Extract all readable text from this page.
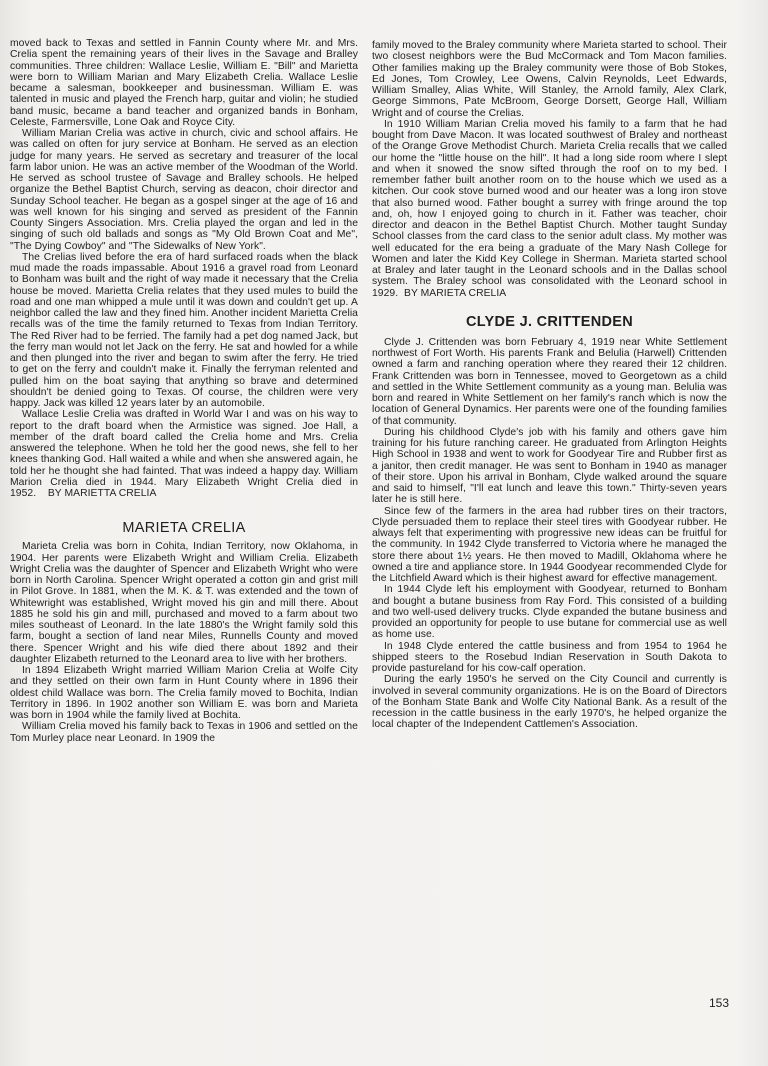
moved back to Texas and settled in Fannin County where Mr. and Mrs. Crelia spent the remaining years of their lives in the Savage and Bralley communities. Three children: Wallace Leslie, William E. "Bill" and Marietta were born to William Marian and Mary Elizabeth Crelia. Wallace Leslie became a salesman, bookkeeper and businessman. William E. was talented in music and played the French harp, guitar and violin; he studied band music, became a band teacher and organized bands in Bonham, Celeste, Farmersville, Lone Oak and Royce City.

William Marian Crelia was active in church, civic and school affairs. He was called on often for jury service at Bonham. He served as an election judge for many years. He served as secretary and treasurer of the local farm labor union. He was an active member of the Woodman of the World. He served as school trustee of Savage and Bralley schools. He helped organize the Bethel Baptist Church, serving as deacon, choir director and Sunday School teacher. He began as a gospel singer at the age of 16 and was well known for his singing and served as president of the Fannin County Singers Association. Mrs. Crelia played the organ and led in the singing of such old ballads and songs as "My Old Brown Coat and Me", "The Dying Cowboy" and "The Sidewalks of New York".

The Crelias lived before the era of hard surfaced roads when the black mud made the roads impassable. About 1916 a gravel road from Leonard to Bonham was built and the right of way made it necessary that the Crelia house be moved. Marietta Crelia relates that they used mules to build the road and one man whipped a mule until it was down and couldn't get up. A neighbor called the law and they fined him. Another incident Marietta Crelia recalls was of the time the family returned to Texas from Indian Territory. The Red River had to be ferried. The family had a pet dog named Jack, but the ferry man would not let Jack on the ferry. He sat and howled for a while and then plunged into the river and began to swim after the ferry. He tried to get on the ferry and couldn't make it. Finally the ferryman relented and pulled him on the boat saying that anything so brave and determined shouldn't be denied going to Texas. Of course, the children were very happy. Jack was killed 12 years later by an automobile.

Wallace Leslie Crelia was drafted in World War I and was on his way to report to the draft board when the Armistice was signed. Joe Hall, a member of the draft board called the Crelia home and Mrs. Crelia answered the telephone. When he told her the good news, she fell to her knees thanking God. Hall waited a while and when she answered again, he told her he thought she had fainted. That was indeed a happy day. William Marion Crelia died in 1944. Mary Elizabeth Wright Crelia died in 1952. BY MARIETTA CRELIA

MARIETA CRELIA

Marieta Crelia was born in Cohita, Indian Territory, now Oklahoma, in 1904. Her parents were Elizabeth Wright and William Crelia. Elizabeth Wright Crelia was the daughter of Spencer and Elizabeth Wright who were born in North Carolina. Spencer Wright operated a cotton gin and grist mill in Pilot Grove. In 1881, when the M. K. & T. was extended and the town of Whitewright was established, Wright moved his gin and mill there. About 1885 he sold his gin and mill, purchased and moved to a farm about two miles southeast of Leonard. In the late 1880's the Wright family sold this farm, bought a section of land near Miles, Runnells County and moved there. Spencer Wright and his wife died there about 1892 and their daughter Elizabeth returned to the Leonard area to live with her brothers.

In 1894 Elizabeth Wright married William Marion Crelia at Wolfe City and they settled on their own farm in Hunt County where in 1896 their oldest child Wallace was born. The Crelia family moved to Bochita, Indian Territory in 1896. In 1902 another son William E. was born and Marieta was born in 1904 while the family lived at Bochita.

William Crelia moved his family back to Texas in 1906 and settled on the Tom Murley place near Leonard. In 1909 the

family moved to the Braley community where Marieta started to school. Their two closest neighbors were the Bud McCormack and Tom Macon families. Other families making up the Braley community were those of Bob Stokes, Ed Jones, Tom Crowley, Lee Owens, Calvin Reynolds, Leet Edwards, William Smalley, Alias White, Will Stanley, the Arnold family, Alex Clark, George Simmons, Pate McBroom, George Dorsett, George Hall, William Wright and of course the Crelias.

In 1910 William Marian Crelia moved his family to a farm that he had bought from Dave Macon. It was located southwest of Braley and northeast of the Orange Grove Methodist Church. Marieta Crelia recalls that we called our home the "little house on the hill". It had a long side room where I slept and when it snowed the snow sifted through the roof on to my bed. I remember father built another room on to the house which we used as a kitchen. Our cook stove burned wood and our heater was a long iron stove that also burned wood. Father bought a surrey with fringe around the top and, oh, how I enjoyed going to church in it. Father was teacher, choir director and deacon in the Bethel Baptist Church. Mother taught Sunday School classes from the card class to the senior adult class. My mother was well educated for the era being a graduate of the Mary Nash College for Women and later the Kidd Key College in Sherman. Marieta started school at Braley and later taught in the Leonard schools and in the Dallas school system. The Braley school was consolidated with the Leonard school in 1929. BY MARIETA CRELIA

CLYDE J. CRITTENDEN

Clyde J. Crittenden was born February 4, 1919 near White Settlement northwest of Fort Worth. His parents Frank and Belulia (Harwell) Crittenden owned a farm and ranching operation where they reared their 12 children. Frank Crittenden was born in Tennessee, moved to Georgetown as a child and settled in the White Settlement community as a young man. Belulia was born and reared in White Settlement on her family's ranch which is now the location of General Dynamics. Her parents were one of the founding families of that community.

During his childhood Clyde's job with his family and others gave him training for his future ranching career. He graduated from Arlington Heights High School in 1938 and went to work for Goodyear Tire and Rubber first as a janitor, then credit manager. He was sent to Bonham in 1940 as manager of their store. Upon his arrival in Bonham, Clyde walked around the square and said to himself, "I'll eat lunch and leave this town." Thirty-seven years later he is still here.

Since few of the farmers in the area had rubber tires on their tractors, Clyde persuaded them to replace their steel tires with Goodyear rubber. He always felt that experimenting with progressive new ideas can be fruitful for the community. In 1942 Clyde transferred to Victoria where he managed the store there about 1½ years. He then moved to Madill, Oklahoma where he owned a tire and appliance store. In 1944 Goodyear recommended Clyde for the Litchfield Award which is their highest award for effective management.

In 1944 Clyde left his employment with Goodyear, returned to Bonham and bought a butane business from Ray Ford. This consisted of a building and two well-used delivery trucks. Clyde expanded the butane business and provided an opportunity for people to use butane for commercial use as well as home use.

In 1948 Clyde entered the cattle business and from 1954 to 1964 he shipped steers to the Rosebud Indian Reservation in South Dakota to provide pastureland for his cow-calf operation.

During the early 1950's he served on the City Council and currently is involved in several community organizations. He is on the Board of Directors of the Bonham State Bank and Wolfe City National Bank. As a result of the recession in the cattle business in the early 1970's, he helped organize the local chapter of the Independent Cattlemen's Association.

153
